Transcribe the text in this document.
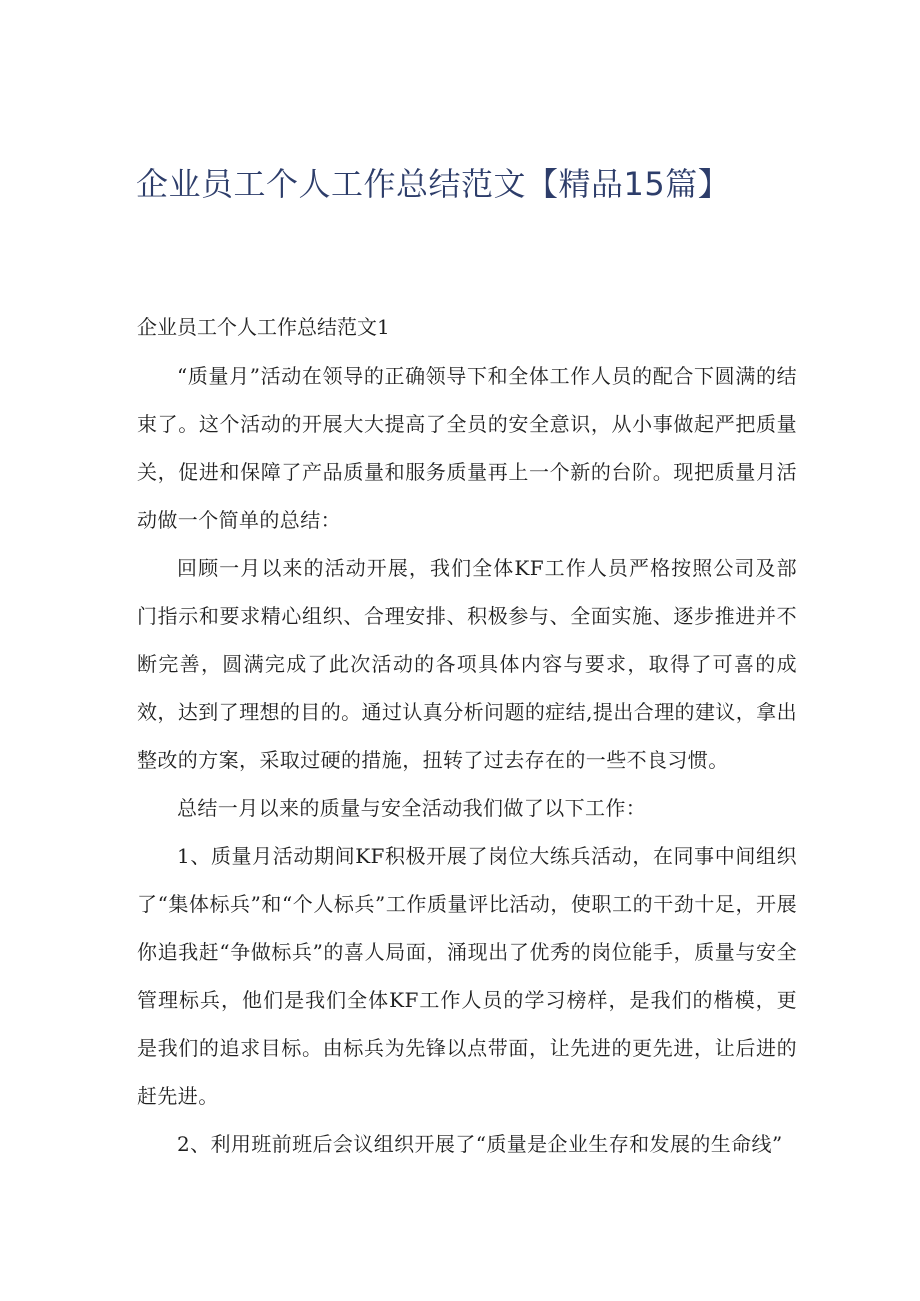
企业员工个人工作总结范文【精品15篇】
企业员工个人工作总结范文1

“质量月”活动在领导的正确领导下和全体工作人员的配合下圆满的结束了。这个活动的开展大大提高了全员的安全意识，从小事做起严把质量关，促进和保障了产品质量和服务质量再上一个新的台阶。现把质量月活动做一个简单的总结：

回顾一月以来的活动开展，我们全体KF工作人员严格按照公司及部门指示和要求精心组织、合理安排、积极参与、全面实施、逐步推进并不断完善，圆满完成了此次活动的各项具体内容与要求，取得了可喜的成效，达到了理想的目的。通过认真分析问题的症结,提出合理的建议，拿出整改的方案，采取过硬的措施，扭转了过去存在的一些不良习惯。

总结一月以来的质量与安全活动我们做了以下工作：

1、质量月活动期间KF积极开展了岗位大练兵活动，在同事中间组织了“集体标兵”和“个人标兵”工作质量评比活动，使职工的干劲十足，开展你追我赶“争做标兵”的喜人局面，涌现出了优秀的岗位能手，质量与安全管理标兵，他们是我们全体KF工作人员的学习榜样，是我们的楷模，更是我们的追求目标。由标兵为先锋以点带面，让先进的更先进，让后进的赶先进。

2、利用班前班后会议组织开展了“质量是企业生存和发展的生命线”
